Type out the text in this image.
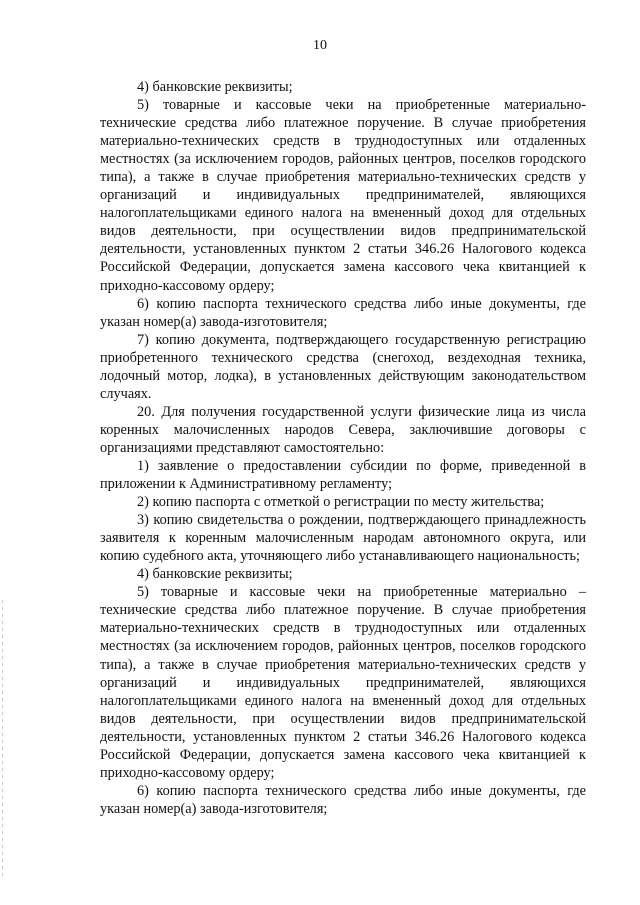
10

4) банковские реквизиты;

5) товарные и кассовые чеки на приобретенные материально-технические средства либо платежное поручение. В случае приобретения материально-технических средств в труднодоступных или отдаленных местностях (за исключением городов, районных центров, поселков городского типа), а также в случае приобретения материально-технических средств у организаций и индивидуальных предпринимателей, являющихся налогоплательщиками единого налога на вмененный доход для отдельных видов деятельности, при осуществлении видов предпринимательской деятельности, установленных пунктом 2 статьи 346.26 Налогового кодекса Российской Федерации, допускается замена кассового чека квитанцией к приходно-кассовому ордеру;

6) копию паспорта технического средства либо иные документы, где указан номер(а) завода-изготовителя;

7) копию документа, подтверждающего государственную регистрацию приобретенного технического средства (снегоход, вездеходная техника, лодочный мотор, лодка), в установленных действующим законодательством случаях.

20. Для получения государственной услуги физические лица из числа коренных малочисленных народов Севера, заключившие договоры с организациями представляют самостоятельно:

1) заявление о предоставлении субсидии по форме, приведенной в приложении к Административному регламенту;

2) копию паспорта с отметкой о регистрации по месту жительства;

3) копию свидетельства о рождении, подтверждающего принадлежность заявителя к коренным малочисленным народам автономного округа, или копию судебного акта, уточняющего либо устанавливающего национальность;

4) банковские реквизиты;

5) товарные и кассовые чеки на приобретенные материально – технические средства либо платежное поручение. В случае приобретения материально-технических средств в труднодоступных или отдаленных местностях (за исключением городов, районных центров, поселков городского типа), а также в случае приобретения материально-технических средств у организаций и индивидуальных предпринимателей, являющихся налогоплательщиками единого налога на вмененный доход для отдельных видов деятельности, при осуществлении видов предпринимательской деятельности, установленных пунктом 2 статьи 346.26 Налогового кодекса Российской Федерации, допускается замена кассового чека квитанцией к приходно-кассовому ордеру;

6) копию паспорта технического средства либо иные документы, где указан номер(а) завода-изготовителя;
